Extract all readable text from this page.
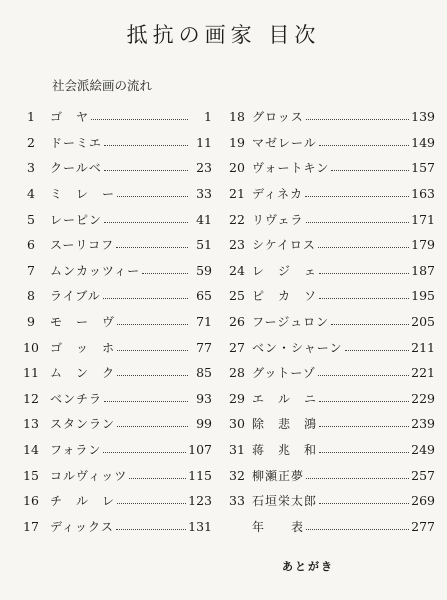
抵抗の画家 目次
社会派絵画の流れ
1	ゴ　ヤ	1
2	ドーミエ	11
3	クールベ	23
4	ミ　レ　ー	33
5	レーピン	41
6	スーリコフ	51
7	ムンカッツィー	59
8	ライブル	65
9	モ　ー　ヴ	71
10 ゴ　ッ　ホ	77
11 ム　ン　ク	85
12 ベンチラ	93
13 スタンラン	99
14 フォラン	107
15 コルヴィッツ	115
16 チ　ル　レ	123
17 ディックス	131
18 グロッス	139
19 マゼレール	149
20 ヴォートキン	157
21 ディネカ	163
22 リヴェラ	171
23 シケイロス	179
24 レ　ジ　ェ	187
25 ピ　カ　ソ	195
26 フージュロン	205
27 ベン・シャーン	211
28 グットーゾ	221
29 エ　ル　ニ	229
30 除　悲　鴻	239
31 蒋　兆　和	249
32 柳瀬正夢	257
33 石垣栄太郎	269
年　　表	277
あとがき
